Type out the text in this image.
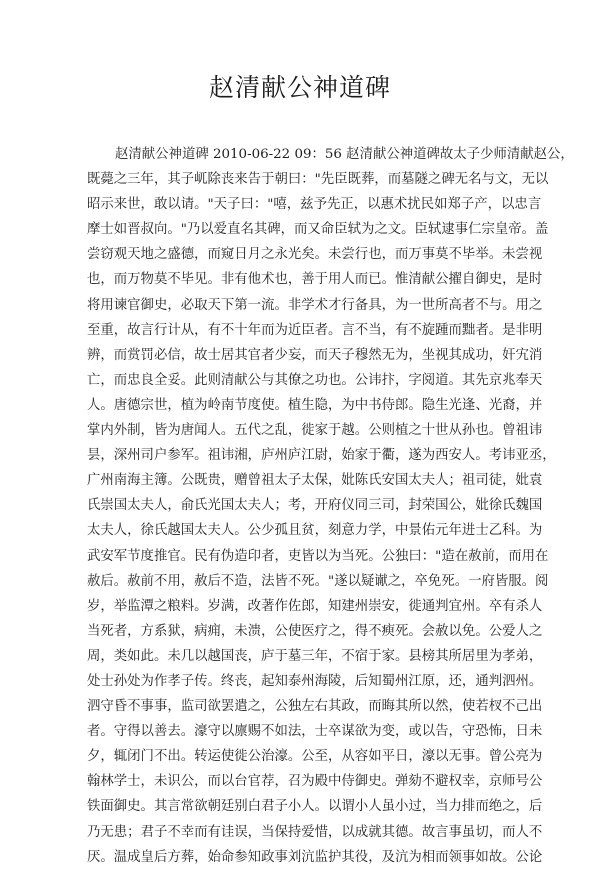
赵清献公神道碑
赵清献公神道碑 2010-06-22 09：56 赵清献公神道碑故太子少师清献赵公，
既薨之三年，其子屼除丧来告于朝曰："先臣既葬，而墓隧之碑无名与文，无以
昭示来世，敢以请。"天子曰："嘻，兹予先正，以惠术扰民如郑子产，以忠言
摩士如晋叔向。"乃以爱直名其碑，而又命臣轼为之文。臣轼逮事仁宗皇帝。盖
尝窃观天地之盛德，而窥日月之永光矣。未尝行也，而万事莫不毕举。未尝视
也，而万物莫不毕见。非有他术也，善于用人而已。惟清献公擢自御史，是时
将用谏官御史，必取天下第一流。非学术才行备具，为一世所高者不与。用之
至重，故言行计从，有不十年而为近臣者。言不当，有不旋踵而黜者。是非明
辨，而赏罚必信，故士居其官者少妄，而天子穆然无为，坐视其成功，奸宄消
亡，而忠良全妥。此则清献公与其僚之功也。公讳抃，字阅道。其先京兆奉天
人。唐德宗世，植为岭南节度使。植生隐，为中书侍郎。隐生光逢、光裔，并
掌内外制，皆为唐闻人。五代之乱，徙家于越。公则植之十世从孙也。曾祖讳
昙，深州司户参军。祖讳湘，庐州庐江尉，始家于衢，遂为西安人。考讳亚丞，
广州南海主簿。公既贵，赠曾祖太子太保，妣陈氏安国太夫人；祖司徒，妣袁
氏崇国太夫人，俞氏光国太夫人；考，开府仪同三司，封荣国公，妣徐氏魏国
太夫人，徐氏越国太夫人。公少孤且贫，刻意力学，中景佑元年进士乙科。为
武安军节度推官。民有伪造印者，吏皆以为当死。公独曰："造在赦前，而用在
赦后。赦前不用，赦后不造，法皆不死。"遂以疑谳之，卒免死。一府皆服。阅
岁，举监潭之粮料。岁满，改著作佐郎，知建州崇安，徙通判宜州。卒有杀人
当死者，方系狱，病痈，未溃，公使医疗之，得不瘐死。会赦以免。公爱人之
周，类如此。未几以越国丧，庐于墓三年，不宿于家。县榜其所居里为孝弟，
处士孙处为作孝子传。终丧，起知泰州海陵，后知蜀州江原，还，通判泗州。
泗守昏不事事，监司欲罢遣之，公独左右其政，而晦其所以然，使若杈不己出
者。守得以善去。濠守以廪赐不如法，士卒谋欲为变，或以告，守恐怖，日未
夕，辄闭门不出。转运使徙公治濠。公至，从容如平日，濠以无事。曾公亮为
翰林学士，未识公，而以台官荐，召为殿中侍御史。弹劾不避权幸，京师号公
铁面御史。其言常欲朝廷别白君子小人。以谓小人虽小过，当力排而绝之，后
乃无患；君子不幸而有诖误，当保持爱惜，以成就其德。故言事虽切，而人不
厌。温成皇后方葬，始命参知政事刘沆监护其役，及沆为相而领事如故。公论
